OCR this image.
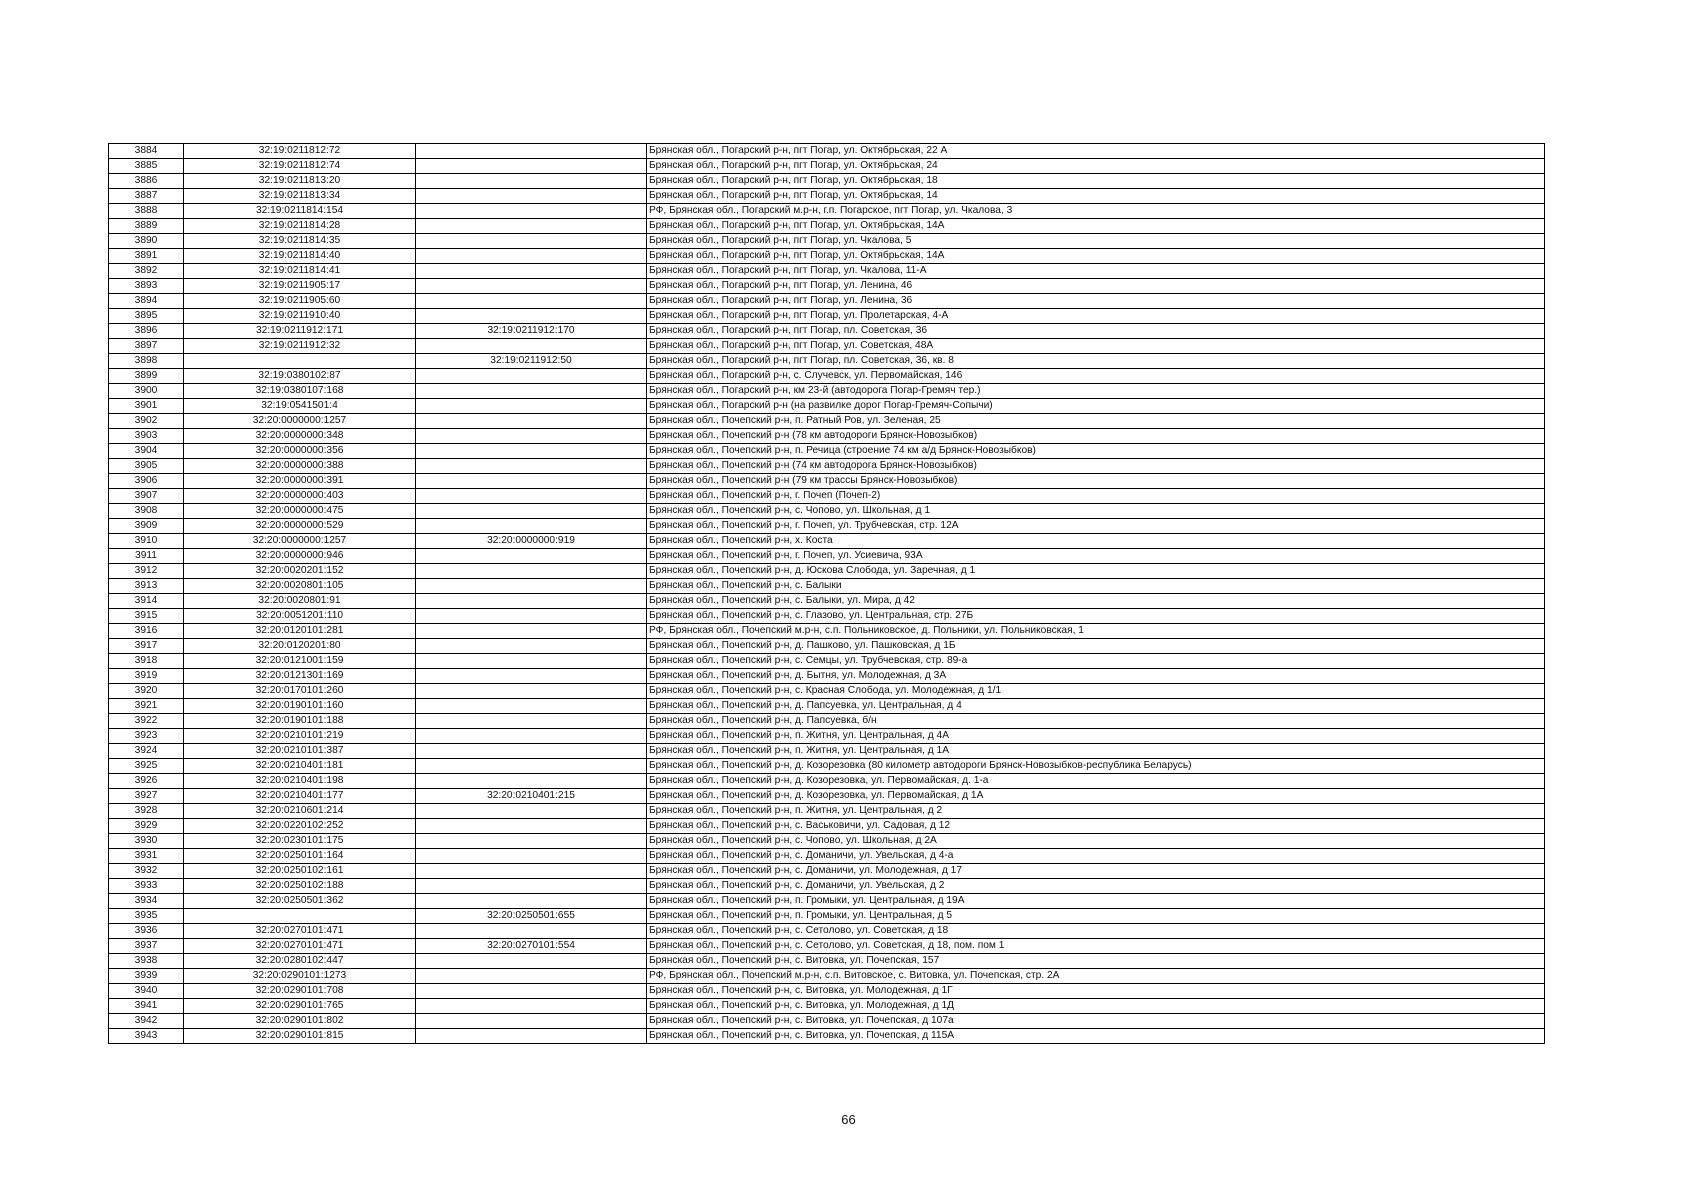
3884	32:19:0211812:72		Брянская обл., Погарский р-н, пгт Погар, ул. Октябрьская, 22 А
3885	32:19:0211812:74		Брянская обл., Погарский р-н, пгт Погар, ул. Октябрьская, 24
3886	32:19:0211813:20		Брянская обл., Погарский р-н, пгт Погар, ул. Октябрьская, 18
3887	32:19:0211813:34		Брянская обл., Погарский р-н, пгт Погар, ул. Октябрьская, 14
3888	32:19:0211814:154		РФ, Брянская обл., Погарский м.р-н, г.п. Погарское, пгт Погар, ул. Чкалова, 3
3889	32:19:0211814:28		Брянская обл., Погарский р-н, пгт Погар, ул. Октябрьская, 14А
3890	32:19:0211814:35		Брянская обл., Погарский р-н, пгт Погар, ул. Чкалова, 5
3891	32:19:0211814:40		Брянская обл., Погарский р-н, пгт Погар, ул. Октябрьская, 14А
3892	32:19:0211814:41		Брянская обл., Погарский р-н, пгт Погар, ул. Чкалова, 11-А
3893	32:19:0211905:17		Брянская обл., Погарский р-н, пгт Погар, ул. Ленина, 46
3894	32:19:0211905:60		Брянская обл., Погарский р-н, пгт Погар, ул. Ленина, 36
3895	32:19:0211910:40		Брянская обл., Погарский р-н, пгт Погар, ул. Пролетарская, 4-А
3896	32:19:0211912:171	32:19:0211912:170	Брянская обл., Погарский р-н, пгт Погар, пл. Советская, 36
3897	32:19:0211912:32		Брянская обл., Погарский р-н, пгт Погар, ул. Советская, 48А
3898		32:19:0211912:50	Брянская обл., Погарский р-н, пгт Погар, пл. Советская, 36, кв. 8
3899	32:19:0380102:87		Брянская обл., Погарский р-н, с. Случевск, ул. Первомайская, 146
3900	32:19:0380107:168		Брянская обл., Погарский р-н, км 23-й (автодорога Погар-Гремяч тер.)
3901	32:19:0541501:4		Брянская обл., Погарский р-н (на развилке дорог Погар-Гремяч-Сопычи)
3902	32:20:0000000:1257		Брянская обл., Почепский р-н, п. Ратный Ров, ул. Зеленая, 25
3903	32:20:0000000:348		Брянская обл., Почепский р-н (78 км автодороги Брянск-Новозыбков)
3904	32:20:0000000:356		Брянская обл., Почепский р-н, п. Речица (строение 74 км а/д Брянск-Новозыбков)
3905	32:20:0000000:388		Брянская обл., Почепский р-н (74 км автодорога Брянск-Новозыбков)
3906	32:20:0000000:391		Брянская обл., Почепский р-н (79 км трассы Брянск-Новозыбков)
3907	32:20:0000000:403		Брянская обл., Почепский р-н, г. Почеп (Почеп-2)
3908	32:20:0000000:475		Брянская обл., Почепский р-н, с. Чопово, ул. Школьная, д 1
3909	32:20:0000000:529		Брянская обл., Почепский р-н, г. Почеп, ул. Трубчевская, стр. 12А
3910	32:20:0000000:1257	32:20:0000000:919	Брянская обл., Почепский р-н, х. Коста
3911	32:20:0000000:946		Брянская обл., Почепский р-н, г. Почеп, ул. Усиевича, 93А
3912	32:20:0020201:152		Брянская обл., Почепский р-н, д. Юскова Слобода, ул. Заречная, д 1
3913	32:20:0020801:105		Брянская обл., Почепский р-н, с. Балыки
3914	32:20:0020801:91		Брянская обл., Почепский р-н, с. Балыки, ул. Мира, д 42
3915	32:20:0051201:110		Брянская обл., Почепский р-н, с. Глазово, ул. Центральная, стр. 27Б
3916	32:20:0120101:281		РФ, Брянская обл., Почепский м.р-н, с.п. Польниковское, д. Польники, ул. Польниковская, 1
3917	32:20:0120201:80		Брянская обл., Почепский р-н, д. Пашково, ул. Пашковская, д 1Б
3918	32:20:0121001:159		Брянская обл., Почепский р-н, с. Семцы, ул. Трубчевская, стр. 89-а
3919	32:20:0121301:169		Брянская обл., Почепский р-н, д. Бытня, ул. Молодежная, д 3А
3920	32:20:0170101:260		Брянская обл., Почепский р-н, с. Красная Слобода, ул. Молодежная, д 1/1
3921	32:20:0190101:160		Брянская обл., Почепский р-н, д. Папсуевка, ул. Центральная, д 4
3922	32:20:0190101:188		Брянская обл., Почепский р-н, д. Папсуевка, б/н
3923	32:20:0210101:219		Брянская обл., Почепский р-н, п. Житня, ул. Центральная, д 4А
3924	32:20:0210101:387		Брянская обл., Почепский р-н, п. Житня, ул. Центральная, д 1А
3925	32:20:0210401:181		Брянская обл., Почепский р-н, д. Козорезовка (80 километр автодороги Брянск-Новозыбков-республика Беларусь)
3926	32:20:0210401:198		Брянская обл., Почепский р-н, д. Козорезовка, ул. Первомайская, д. 1-а
3927	32:20:0210401:177	32:20:0210401:215	Брянская обл., Почепский р-н, д. Козорезовка, ул. Первомайская, д 1А
3928	32:20:0210601:214		Брянская обл., Почепский р-н, п. Житня, ул. Центральная, д 2
3929	32:20:0220102:252		Брянская обл., Почепский р-н, с. Васьковичи, ул. Садовая, д 12
3930	32:20:0230101:175		Брянская обл., Почепский р-н, с. Чопово, ул. Школьная, д 2А
3931	32:20:0250101:164		Брянская обл., Почепский р-н, с. Доманичи, ул. Увельская, д 4-а
3932	32:20:0250102:161		Брянская обл., Почепский р-н, с. Доманичи, ул. Молодежная, д 17
3933	32:20:0250102:188		Брянская обл., Почепский р-н, с. Доманичи, ул. Увельская, д 2
3934	32:20:0250501:362		Брянская обл., Почепский р-н, п. Громыки, ул. Центральная, д 19А
3935		32:20:0250501:655	Брянская обл., Почепский р-н, п. Громыки, ул. Центральная, д 5
3936	32:20:0270101:471		Брянская обл., Почепский р-н, с. Сетолово, ул. Советская, д 18
3937	32:20:0270101:471	32:20:0270101:554	Брянская обл., Почепский р-н, с. Сетолово, ул. Советская, д 18, пом. пом 1
3938	32:20:0280102:447		Брянская обл., Почепский р-н, с. Витовка, ул. Почепская, 157
3939	32:20:0290101:1273		РФ, Брянская обл., Почепский м.р-н, с.п. Витовское, с. Витовка, ул. Почепская, стр. 2А
3940	32:20:0290101:708		Брянская обл., Почепский р-н, с. Витовка, ул. Молодежная, д 1Г
3941	32:20:0290101:765		Брянская обл., Почепский р-н, с. Витовка, ул. Молодежная, д 1Д
3942	32:20:0290101:802		Брянская обл., Почепский р-н, с. Витовка, ул. Почепская, д 107а
3943	32:20:0290101:815		Брянская обл., Почепский р-н, с. Витовка, ул. Почепская, д 115А
66
